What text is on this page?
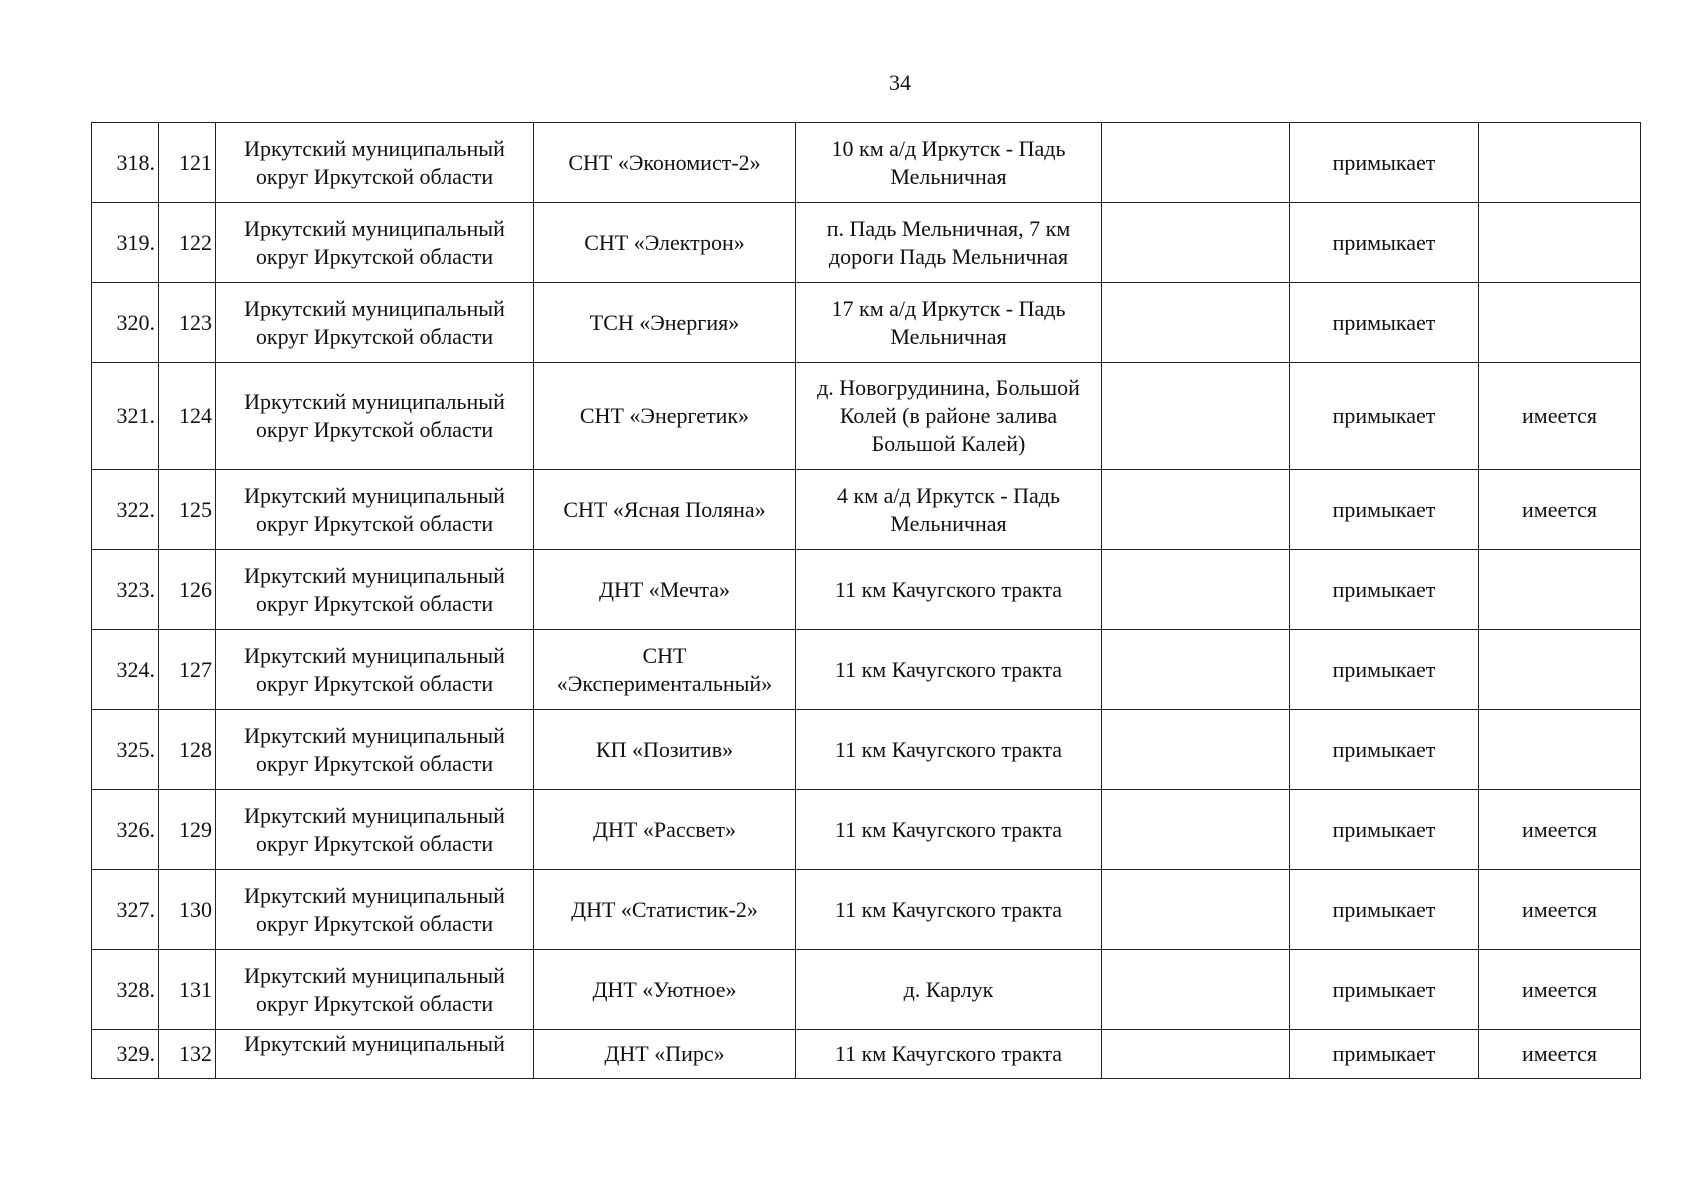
34
318.	121	Иркутский муниципальный округ Иркутской области	СНТ «Экономист-2»	10 км а/д Иркутск - Падь Мельничная		примыкает	
319.	122	Иркутский муниципальный округ Иркутской области	СНТ «Электрон»	п. Падь Мельничная, 7 км дороги Падь Мельничная		примыкает	
320.	123	Иркутский муниципальный округ Иркутской области	ТСН «Энергия»	17 км а/д Иркутск - Падь Мельничная		примыкает	
321.	124	Иркутский муниципальный округ Иркутской области	СНТ «Энергетик»	д. Новогрудинина, Большой Колей (в районе залива Большой Калей)		примыкает	имеется
322.	125	Иркутский муниципальный округ Иркутской области	СНТ «Ясная Поляна»	4 км а/д Иркутск - Падь Мельничная		примыкает	имеется
323.	126	Иркутский муниципальный округ Иркутской области	ДНТ «Мечта»	11 км Качугского тракта		примыкает	
324.	127	Иркутский муниципальный округ Иркутской области	СНТ «Экспериментальный»	11 км Качугского тракта		примыкает	
325.	128	Иркутский муниципальный округ Иркутской области	КП «Позитив»	11 км Качугского тракта		примыкает	
326.	129	Иркутский муниципальный округ Иркутской области	ДНТ «Рассвет»	11 км Качугского тракта		примыкает	имеется
327.	130	Иркутский муниципальный округ Иркутской области	ДНТ «Статистик-2»	11 км Качугского тракта		примыкает	имеется
328.	131	Иркутский муниципальный округ Иркутской области	ДНТ «Уютное»	д. Карлук		примыкает	имеется
329.	132	Иркутский муниципальный	ДНТ «Пирс»	11 км Качугского тракта		примыкает	имеется
